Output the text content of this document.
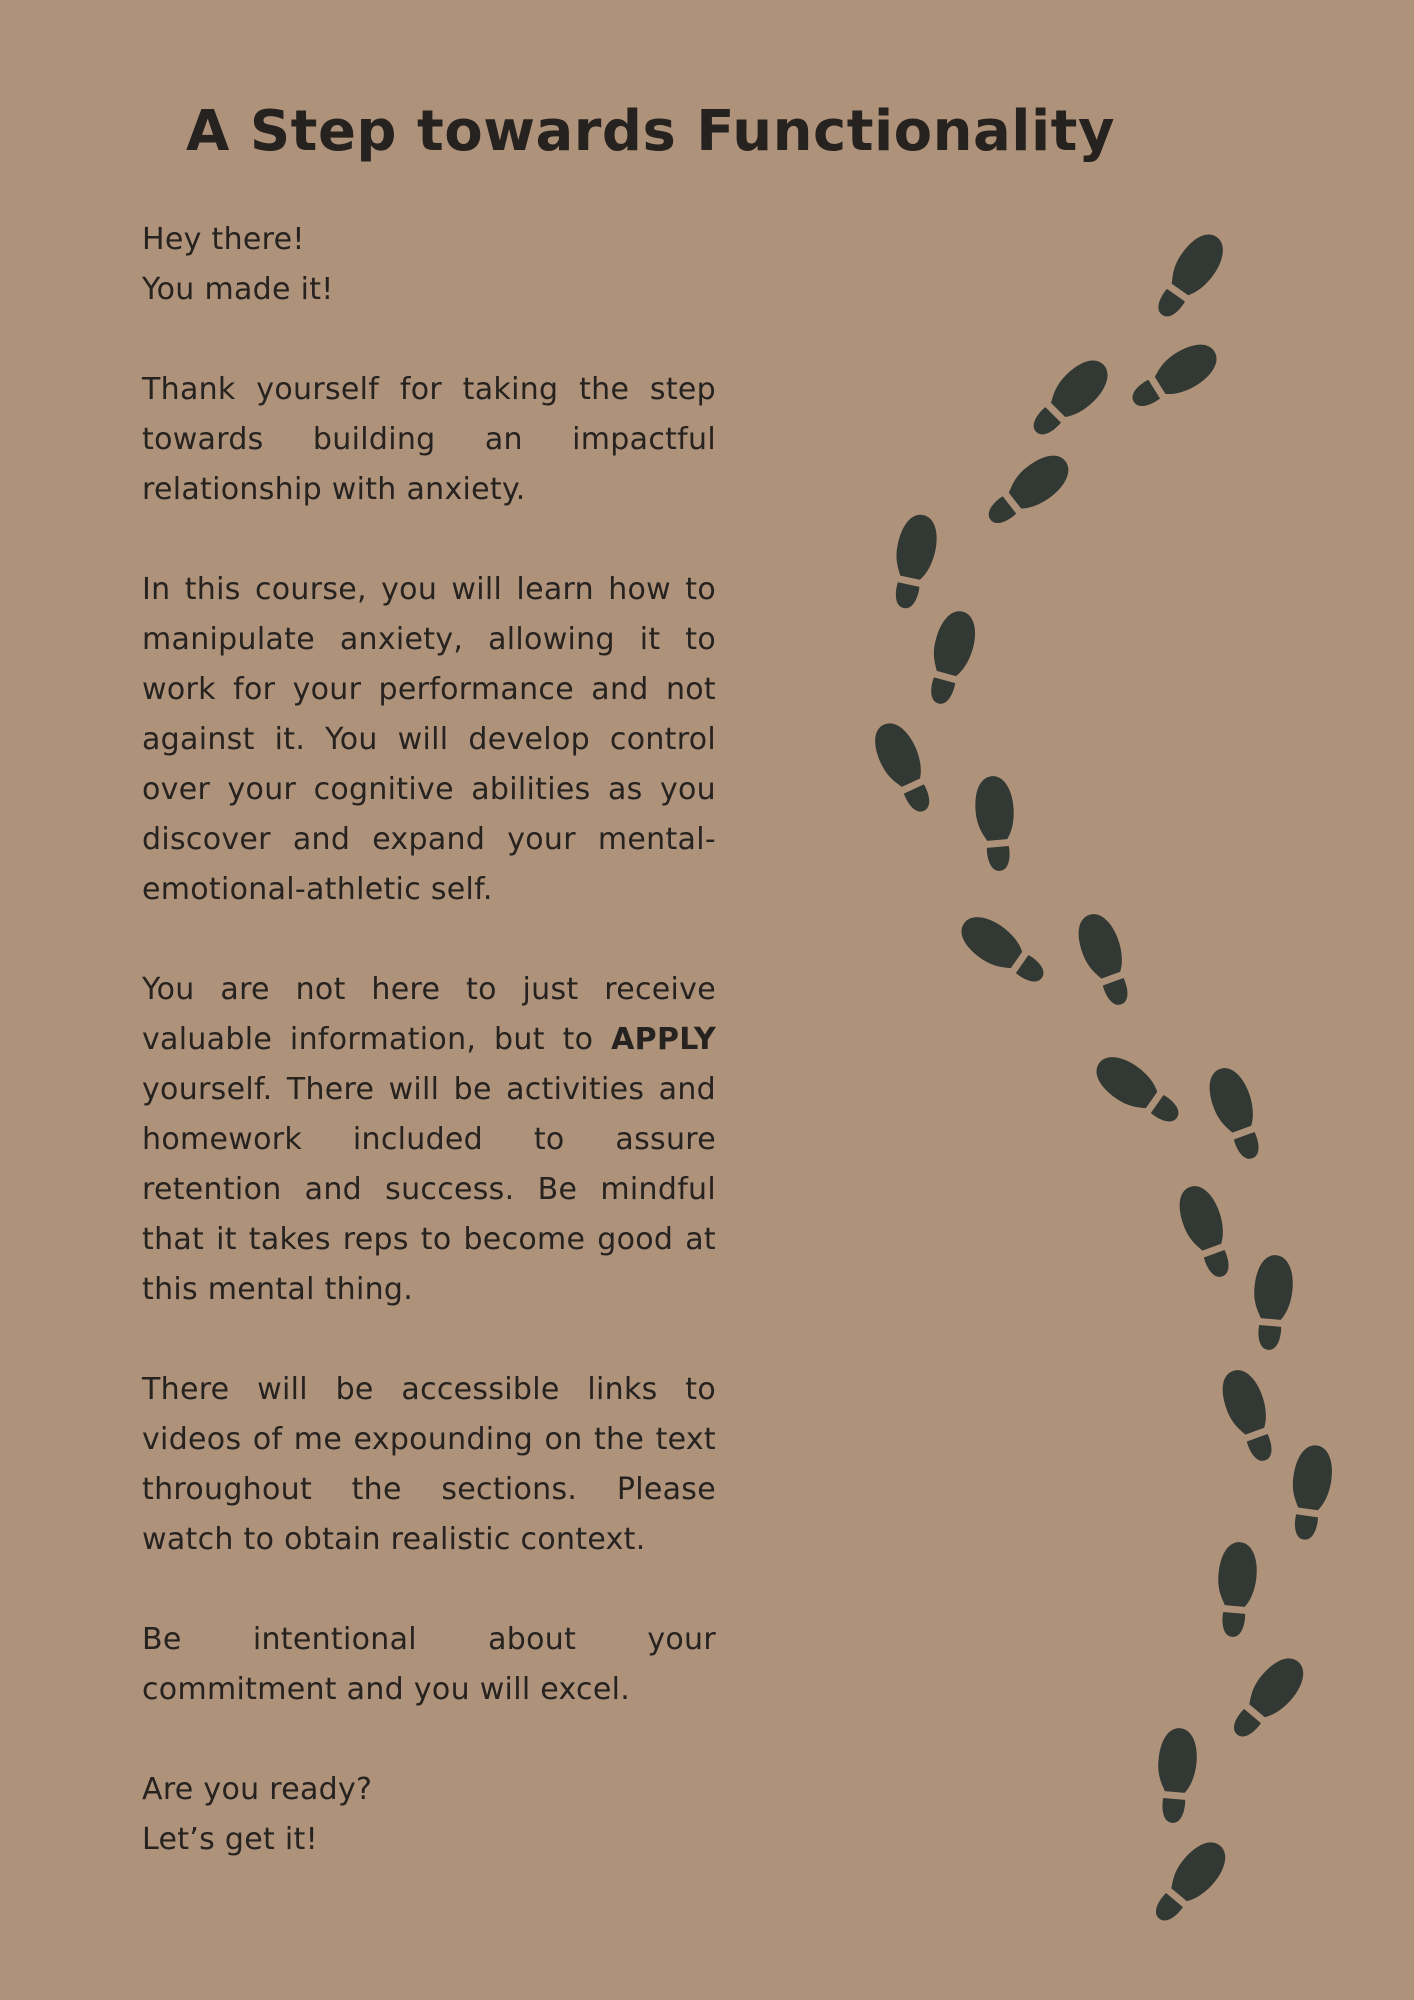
A Step towards Functionality

Hey there!
You made it!

Thank yourself for taking the step towards building an impactful relationship with anxiety.

In this course, you will learn how to manipulate anxiety, allowing it to work for your performance and not against it. You will develop control over your cognitive abilities as you discover and expand your mental-emotional-athletic self.

You are not here to just receive valuable information, but to APPLY yourself. There will be activities and homework included to assure retention and success. Be mindful that it takes reps to become good at this mental thing.

There will be accessible links to videos of me expounding on the text throughout the sections. Please watch to obtain realistic context.

Be intentional about your commitment and you will excel.

Are you ready?
Let’s get it!
